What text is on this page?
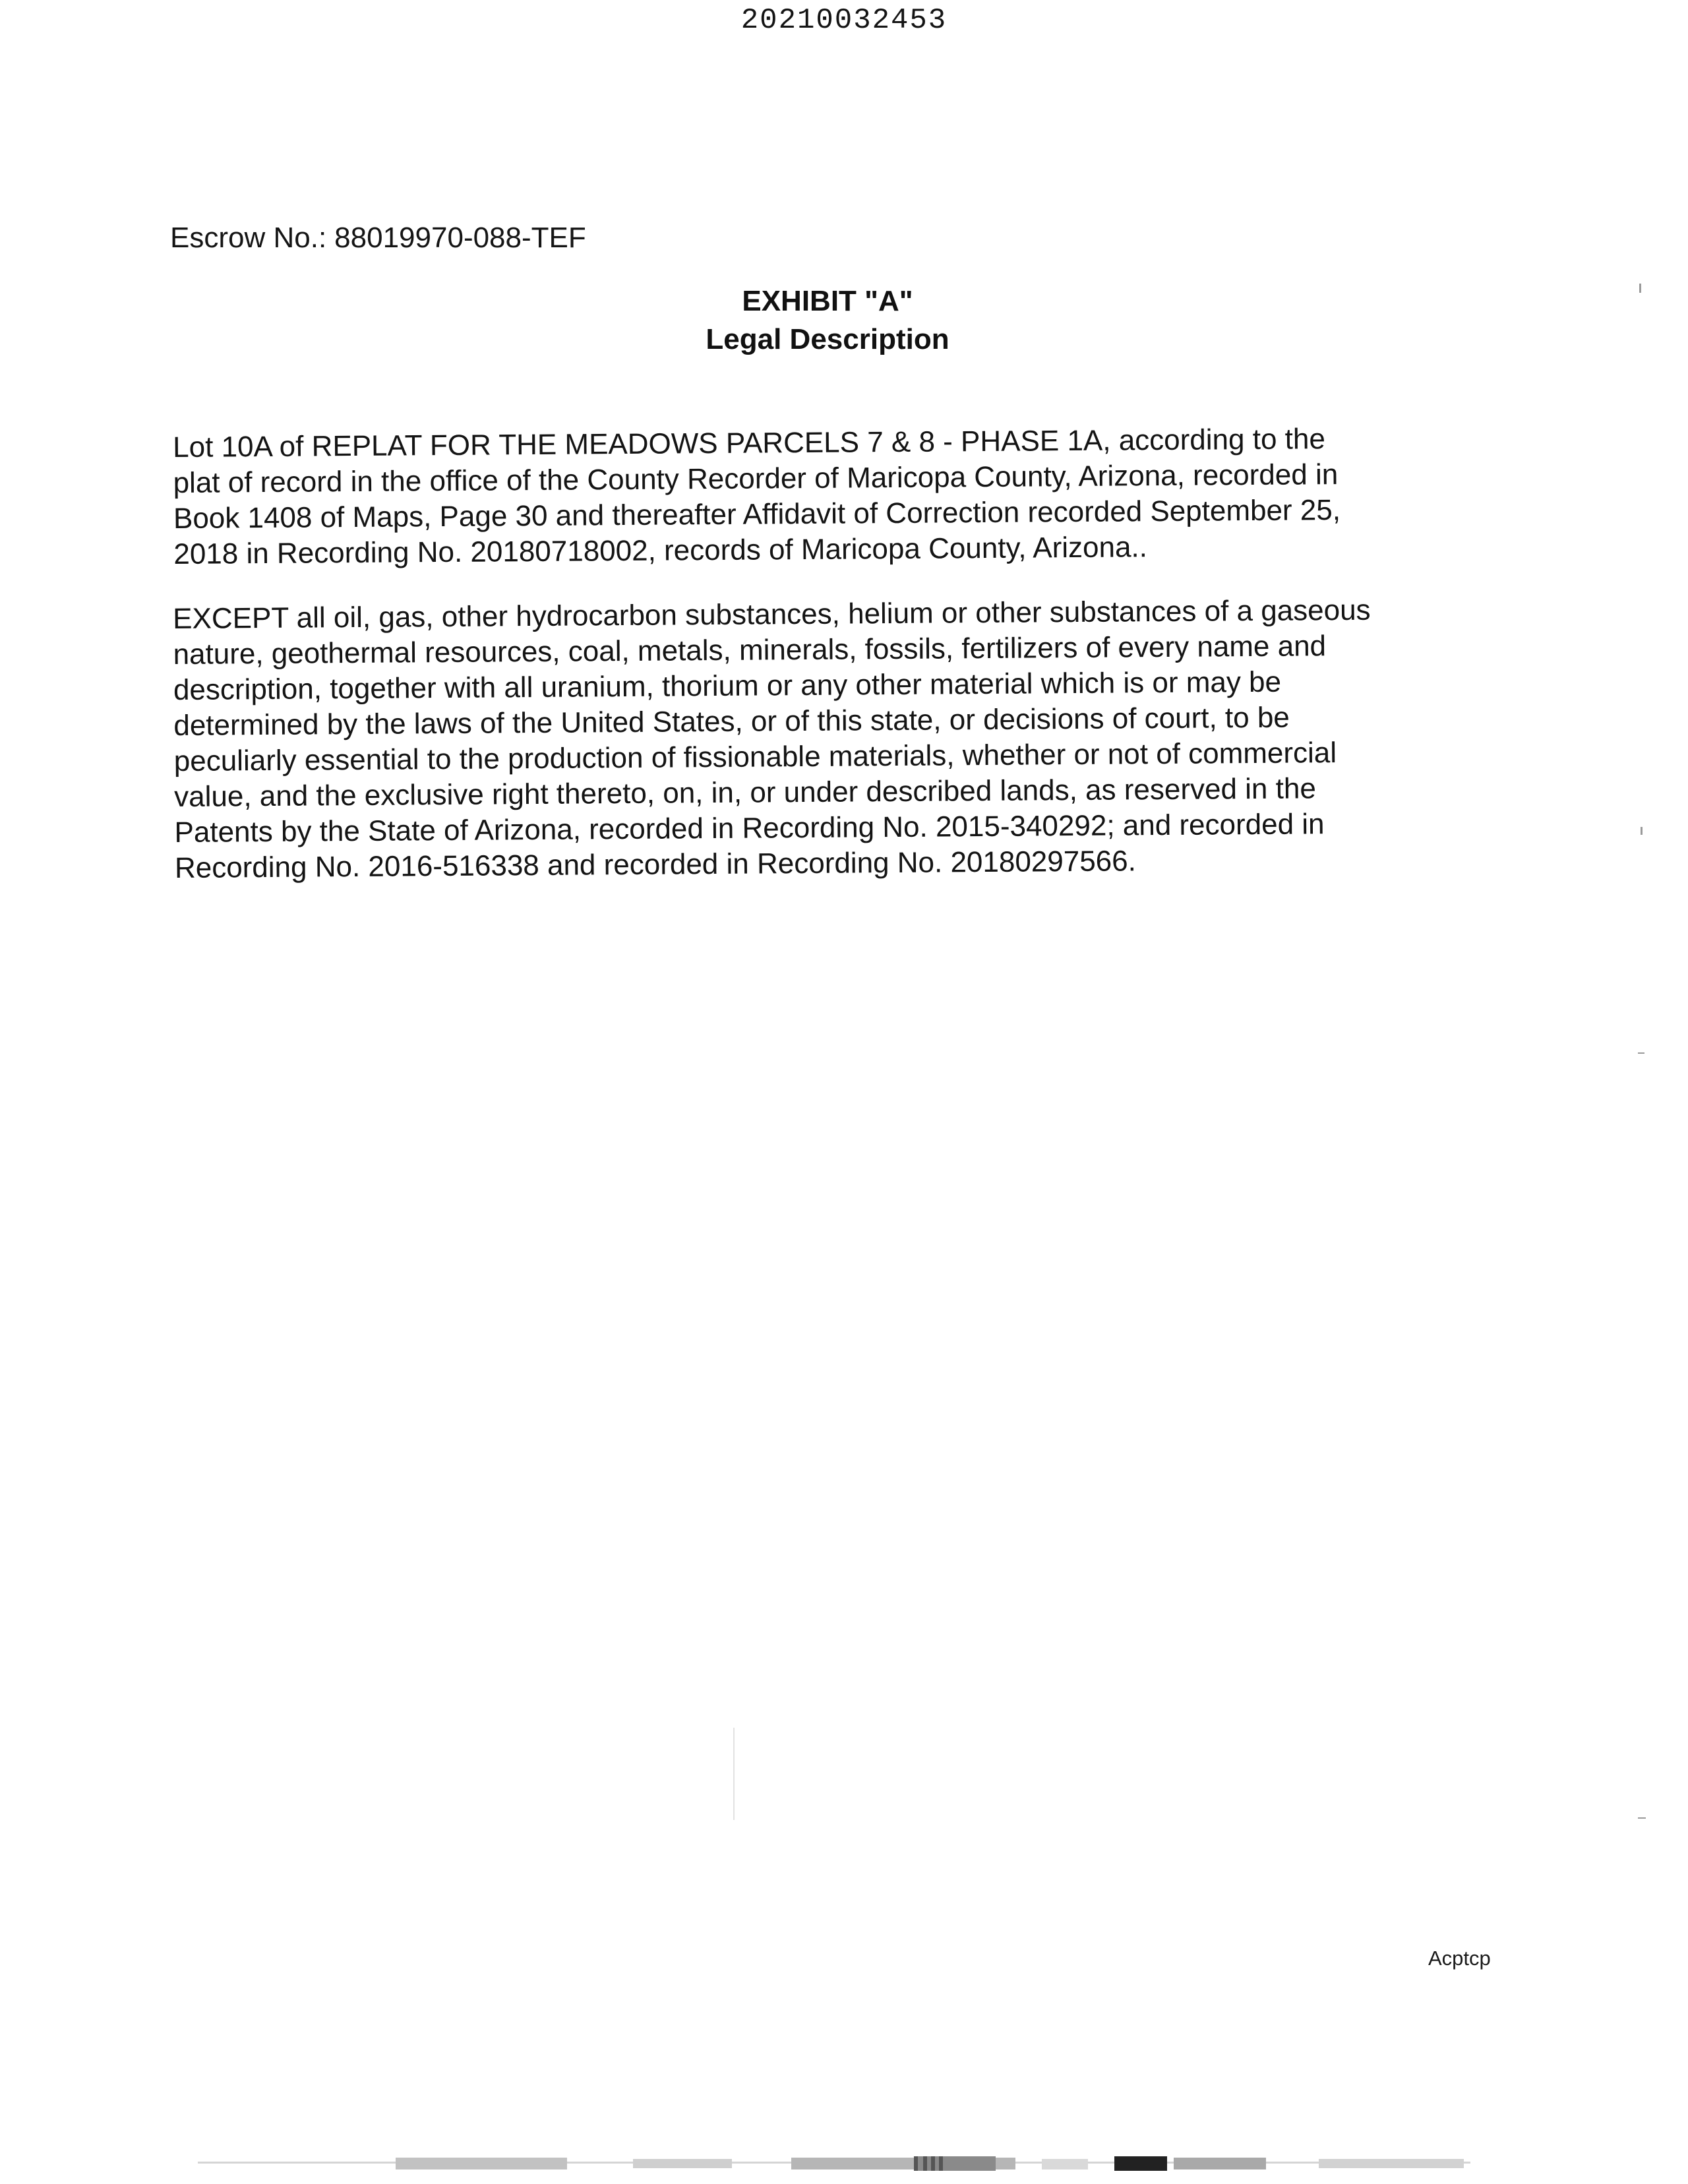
20210032453
Escrow No.: 88019970-088-TEF
EXHIBIT "A"
Legal Description
Lot 10A of REPLAT FOR THE MEADOWS PARCELS 7 & 8 - PHASE 1A, according to the
plat of record in the office of the County Recorder of Maricopa County, Arizona, recorded in
Book 1408 of Maps, Page 30 and thereafter Affidavit of Correction recorded September 25,
2018 in Recording No. 20180718002, records of Maricopa County, Arizona..
EXCEPT all oil, gas, other hydrocarbon substances, helium or other substances of a gaseous
nature, geothermal resources, coal, metals, minerals, fossils, fertilizers of every name and
description, together with all uranium, thorium or any other material which is or may be
determined by the laws of the United States, or of this state, or decisions of court, to be
peculiarly essential to the production of fissionable materials, whether or not of commercial
value, and the exclusive right thereto, on, in, or under described lands, as reserved in the
Patents by the State of Arizona, recorded in Recording No. 2015-340292; and recorded in
Recording No. 2016-516338 and recorded in Recording No. 20180297566.
Acptcp
